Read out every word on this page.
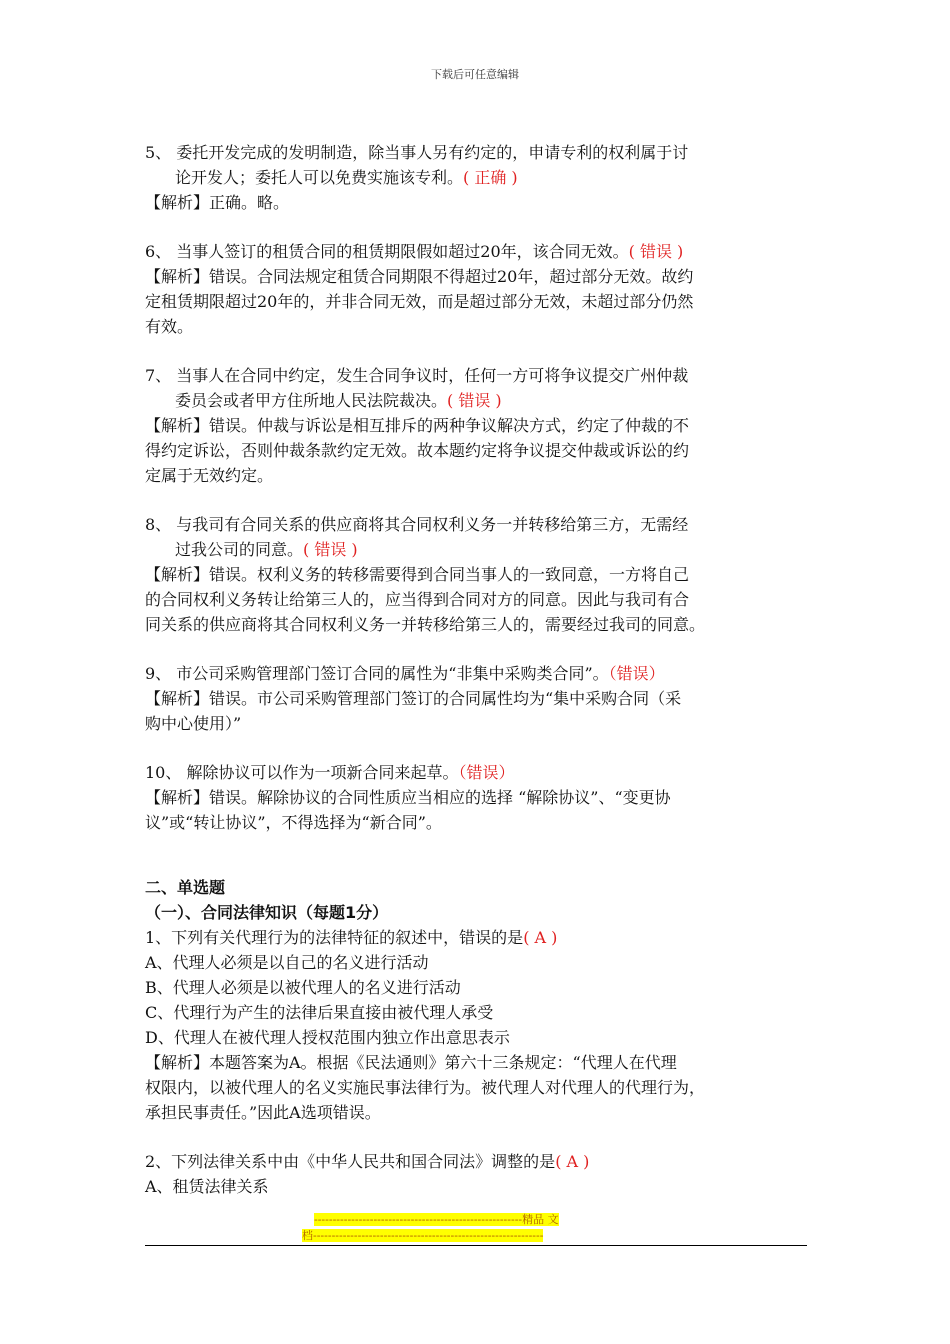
下载后可任意编辑

5、 委托开发完成的发明制造，除当事人另有约定的，申请专利的权利属于讨

论开发人；委托人可以免费实施该专利。( 正确 )

【解析】正确。略。

6、 当事人签订的租赁合同的租赁期限假如超过20年，该合同无效。( 错误 )

【解析】错误。合同法规定租赁合同期限不得超过20年，超过部分无效。故约

定租赁期限超过20年的，并非合同无效，而是超过部分无效，未超过部分仍然

有效。

7、 当事人在合同中约定，发生合同争议时，任何一方可将争议提交广州仲裁

委员会或者甲方住所地人民法院裁决。( 错误 )

【解析】错误。仲裁与诉讼是相互排斥的两种争议解决方式，约定了仲裁的不

得约定诉讼，否则仲裁条款约定无效。故本题约定将争议提交仲裁或诉讼的约

定属于无效约定。

8、 与我司有合同关系的供应商将其合同权利义务一并转移给第三方，无需经

过我公司的同意。( 错误 )

【解析】错误。权利义务的转移需要得到合同当事人的一致同意，一方将自己

的合同权利义务转让给第三人的，应当得到合同对方的同意。因此与我司有合

同关系的供应商将其合同权利义务一并转移给第三人的，需要经过我司的同意。

9、 市公司采购管理部门签订合同的属性为“非集中采购类合同”。（错误）

【解析】错误。市公司采购管理部门签订的合同属性均为“集中采购合同（采

购中心使用）”

10、 解除协议可以作为一项新合同来起草。（错误）

【解析】错误。解除协议的合同性质应当相应的选择 “解除协议”、“变更协

议”或“转让协议”，不得选择为“新合同”。

二、单选题

（一）、合同法律知识（每题1分）

1、下列有关代理行为的法律特征的叙述中，错误的是( A )

A、代理人必须是以自己的名义进行活动

B、代理人必须是以被代理人的名义进行活动

C、代理行为产生的法律后果直接由被代理人承受

D、代理人在被代理人授权范围内独立作出意思表示

【解析】本题答案为A。根据《民法通则》第六十三条规定：“代理人在代理

权限内，以被代理人的名义实施民事法律行为。被代理人对代理人的代理行为，

承担民事责任。”因此A选项错误。

2、下列法律关系中由《中华人民共和国合同法》调整的是( A )

A、租赁法律关系

--------------------------------------------------------精品 文
档--------------------------------------------------------------
